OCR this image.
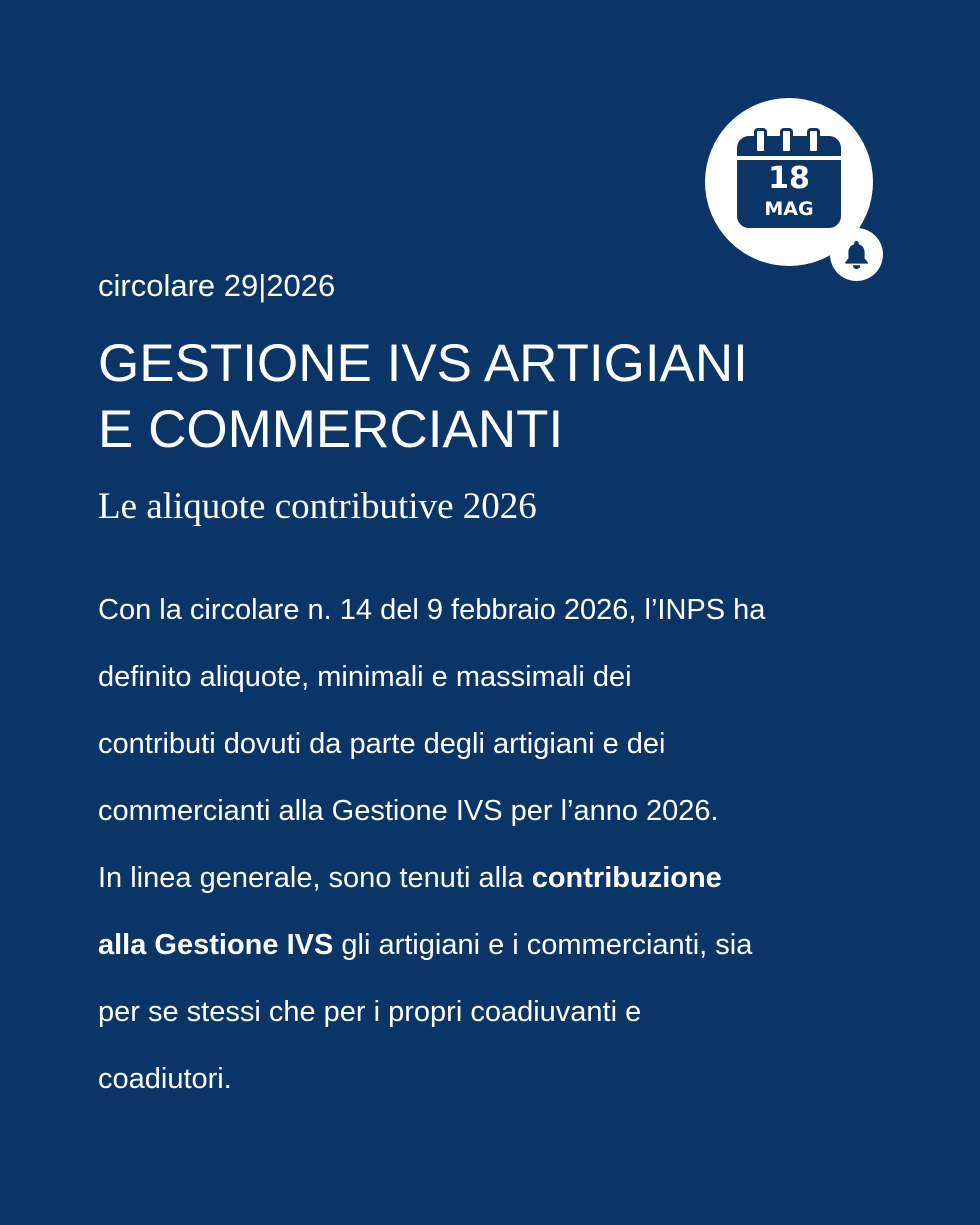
18
MAG
circolare 29|2026
GESTIONE IVS ARTIGIANI
E COMMERCIANTI
Le aliquote contributive 2026

Con la circolare n. 14 del 9 febbraio 2026, l’INPS ha
definito aliquote, minimali e massimali dei
contributi dovuti da parte degli artigiani e dei
commercianti alla Gestione IVS per l’anno 2026.
In linea generale, sono tenuti alla contribuzione
alla Gestione IVS gli artigiani e i commercianti, sia
per se stessi che per i propri coadiuvanti e
coadiutori.
